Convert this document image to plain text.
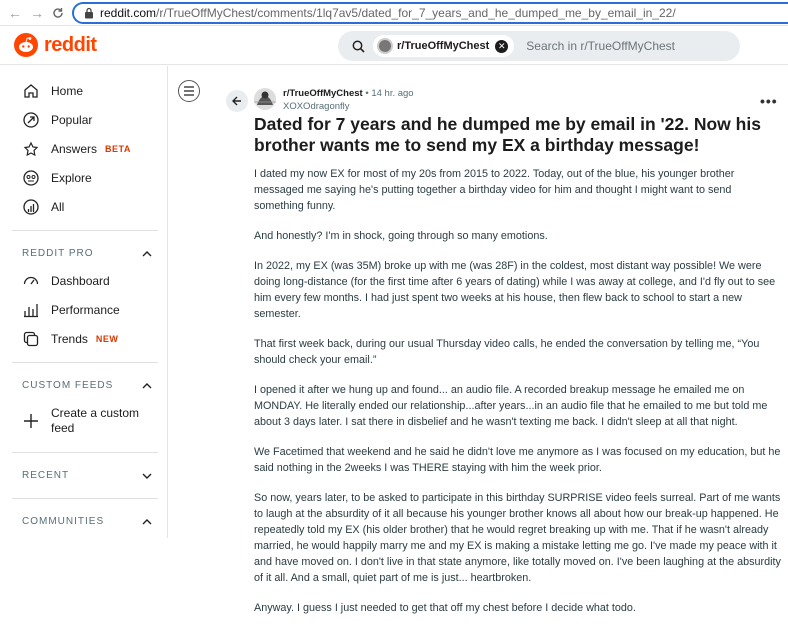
← →	reddit.com /r/TrueOffMyChest/comments/1lq7av5/dated_for_7_years_and_he_dumped_me_by_email_in_22/
reddit	r/TrueOffMyChest ✕ Search in r/TrueOffMyChest
Home
Popular
Answers BETA
Explore
All
REDDIT PRO
Dashboard
Performance
Trends NEW
CUSTOM FEEDS
Create a custom
feed
RECENT
COMMUNITIES
r/TrueOffMyChest • 14 hr. ago
XOXOdragonfly	•••
Dated for 7 years and he dumped me by email in '22. Now his brother wants me to send my EX a birthday message!

I dated my now EX for most of my 20s from 2015 to 2022. Today, out of the blue, his younger brother messaged me saying he's putting together a birthday video for him and thought I might want to send something funny.

And honestly? I'm in shock, going through so many emotions.

In 2022, my EX (was 35M) broke up with me (was 28F) in the coldest, most distant way possible! We were doing long-distance (for the first time after 6 years of dating) while I was away at college, and I'd fly out to see him every few months. I had just spent two weeks at his house, then flew back to school to start a new semester.

That first week back, during our usual Thursday video calls, he ended the conversation by telling me, “You should check your email.”

I opened it after we hung up and found... an audio file. A recorded breakup message he emailed me on MONDAY. He literally ended our relationship...after years...in an audio file that he emailed to me but told me about 3 days later. I sat there in disbelief and he wasn't texting me back. I didn't sleep at all that night.

We Facetimed that weekend and he said he didn't love me anymore as I was focused on my education, but he said nothing in the 2weeks I was THERE staying with him the week prior.

So now, years later, to be asked to participate in this birthday SURPRISE video feels surreal. Part of me wants to laugh at the absurdity of it all because his younger brother knows all about how our break-up happened. He repeatedly told my EX (his older brother) that he would regret breaking up with me. That if he wasn't already married, he would happily marry me and my EX is making a mistake letting me go. I've made my peace with it and have moved on. I don't live in that state anymore, like totally moved on. I've been laughing at the absurdity of it all. And a small, quiet part of me is just... heartbroken.

Anyway. I guess I just needed to get that off my chest before I decide what todo.
